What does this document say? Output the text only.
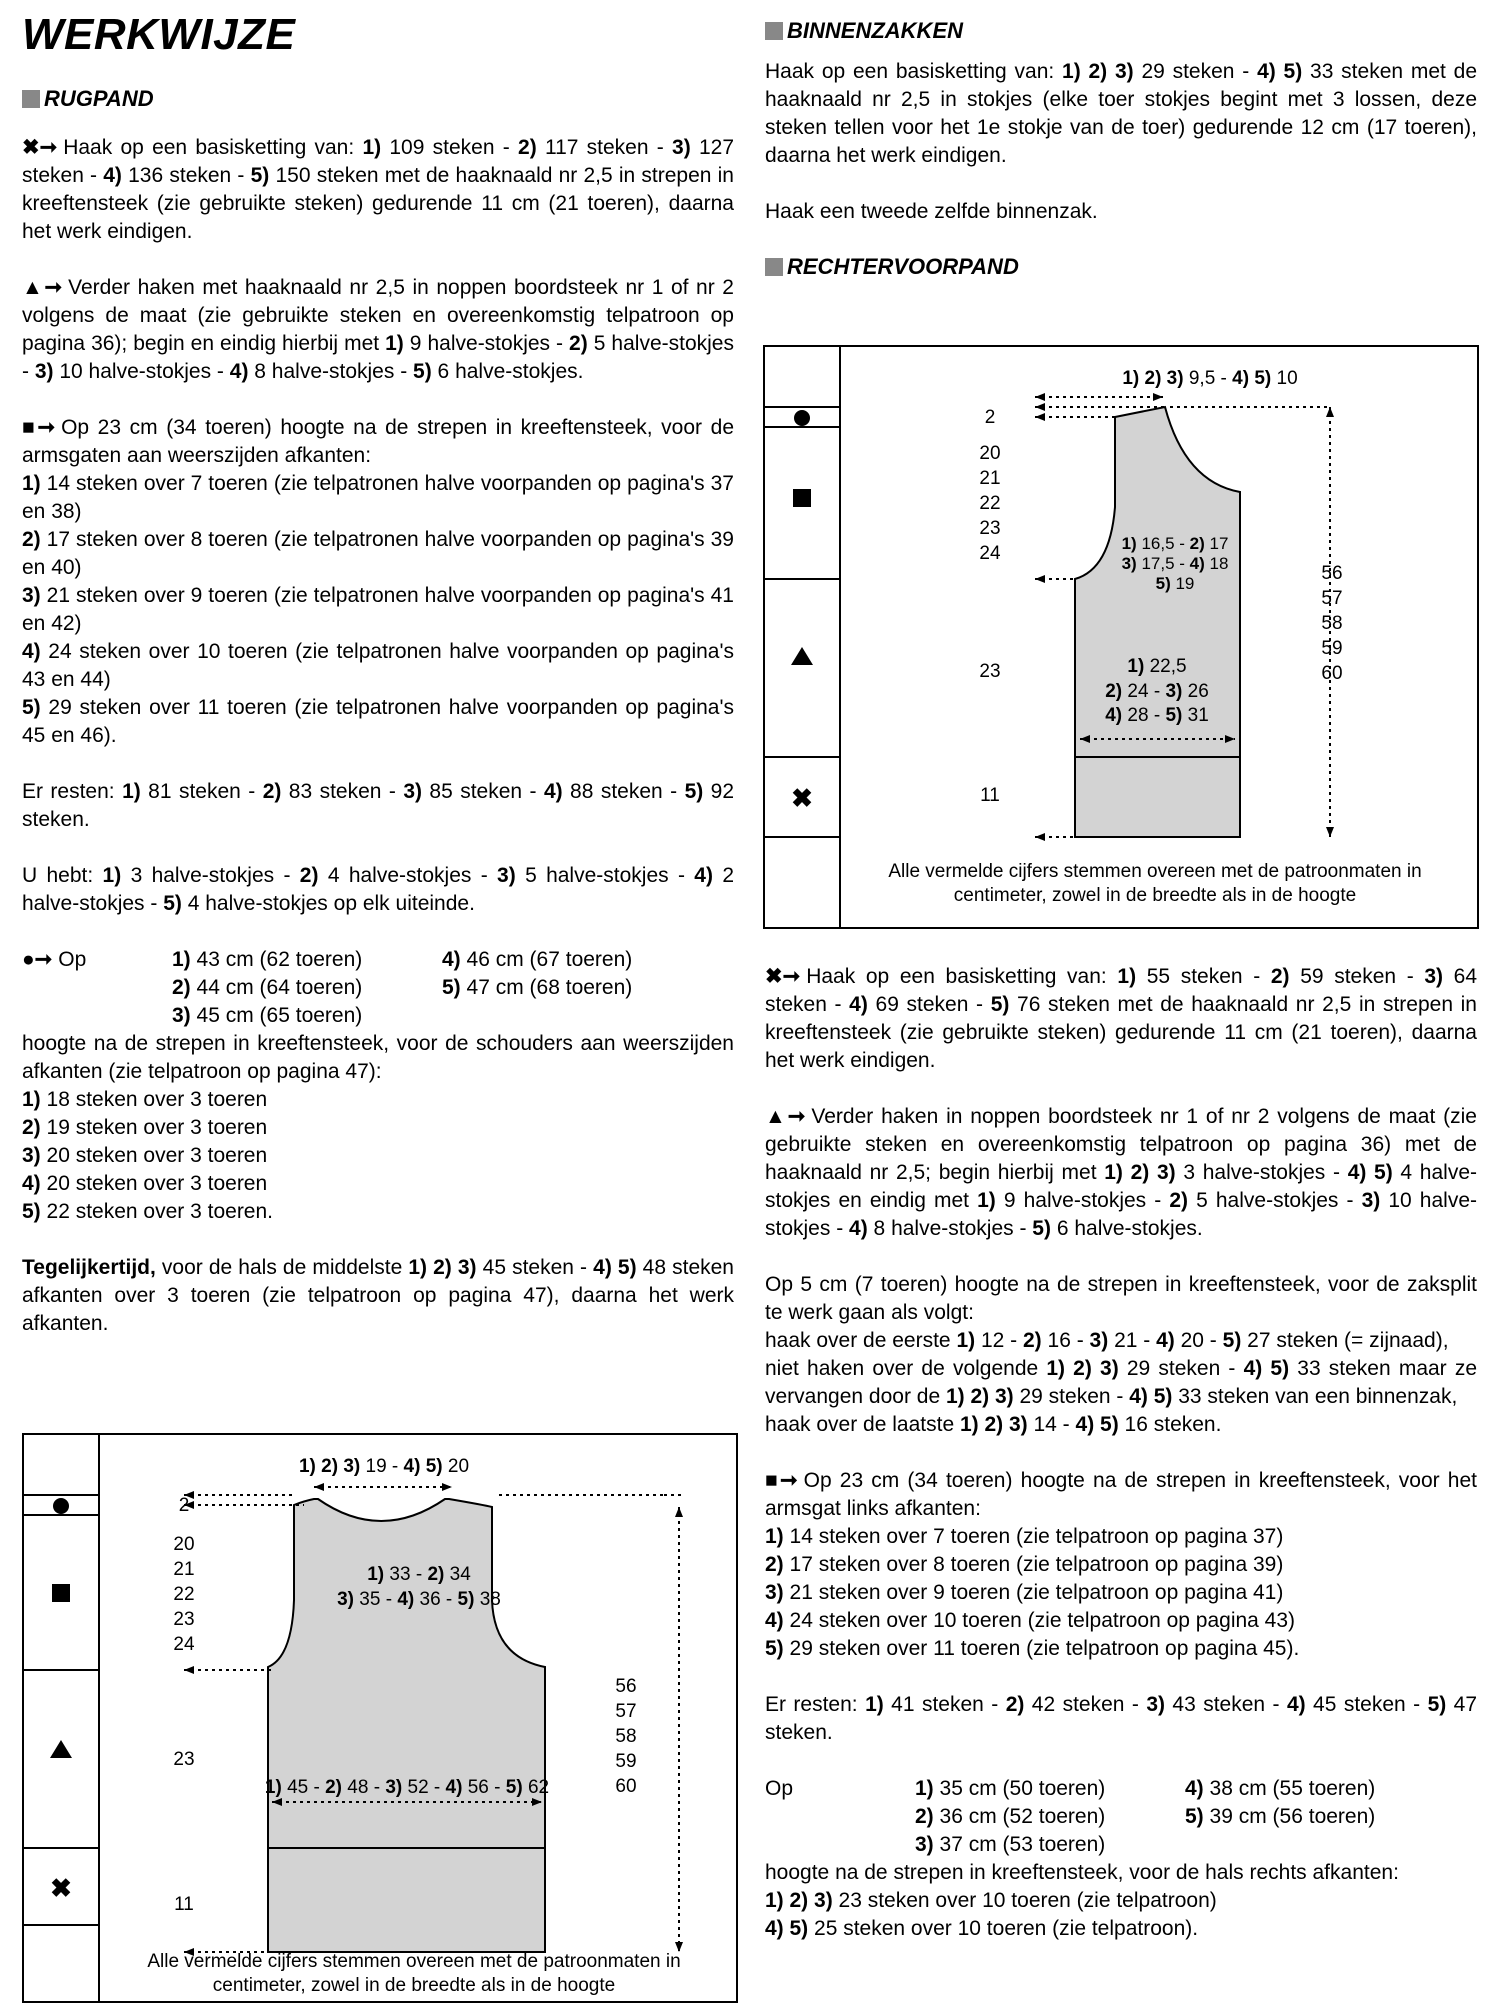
WERKWIJZE
RUGPAND

✖➞ Haak op een basisketting van: 1) 109 steken - 2) 117 steken - 3) 127 steken - 4) 136 steken - 5) 150 steken met de haaknaald nr 2,5 in strepen in kreeftensteek (zie gebruikte steken) gedurende 11 cm (21 toeren), daarna het werk eindigen.

▲➞ Verder haken met haaknaald nr 2,5 in noppen boordsteek nr 1 of nr 2 volgens de maat (zie gebruikte steken en overeenkomstig telpatroon op pagina 36); begin en eindig hierbij met 1) 9 halve-stokjes - 2) 5 halve-stokjes - 3) 10 halve-stokjes - 4) 8 halve-stokjes - 5) 6 halve-stokjes.

■➞ Op 23 cm (34 toeren) hoogte na de strepen in kreeftensteek, voor de armsgaten aan weerszijden afkanten:

1) 14 steken over 7 toeren (zie telpatronen halve voorpanden op pagina's 37 en 38)
2) 17 steken over 8 toeren (zie telpatronen halve voorpanden op pagina's 39 en 40)
3) 21 steken over 9 toeren (zie telpatronen halve voorpanden op pagina's 41 en 42)
4) 24 steken over 10 toeren (zie telpatronen halve voorpanden op pagina's 43 en 44)
5) 29 steken over 11 toeren (zie telpatronen halve voorpanden op pagina's 45 en 46).

Er resten: 1) 81 steken - 2) 83 steken - 3) 85 steken - 4) 88 steken - 5) 92 steken.

U hebt: 1) 3 halve-stokjes - 2) 4 halve-stokjes - 3) 5 halve-stokjes - 4) 2 halve-stokjes - 5) 4 halve-stokjes op elk uiteinde.

●➞ Op	1) 43 cm (62 toeren)	4) 46 cm (67 toeren)
2) 44 cm (64 toeren)	5) 47 cm (68 toeren)
3) 45 cm (65 toeren)

hoogte na de strepen in kreeftensteek, voor de schouders aan weerszijden afkanten (zie telpatroon op pagina 47):

1) 18 steken over 3 toeren
2) 19 steken over 3 toeren
3) 20 steken over 3 toeren
4) 20 steken over 3 toeren
5) 22 steken over 3 toeren.

Tegelijkertijd, voor de hals de middelste 1) 2) 3) 45 steken - 4) 5) 48 steken afkanten over 3 toeren (zie telpatroon op pagina 47), daarna het werk afkanten.

✖
1) 2) 3) 19 - 4) 5) 20
2
20
21
22
23
24
23
11
56
57
58
59
60
1) 33 - 2) 34
3) 35 - 4) 36 - 5) 38
1) 45 - 2) 48 - 3) 52 - 4) 56 - 5) 62
Alle vermelde cijfers stemmen overeen met de patroonmaten in
centimeter, zowel in de breedte als in de hoogte
BINNENZAKKEN

Haak op een basisketting van: 1) 2) 3) 29 steken - 4) 5) 33 steken met de haaknaald nr 2,5 in stokjes (elke toer stokjes begint met 3 lossen, deze steken tellen voor het 1e stokje van de toer) gedurende 12 cm (17 toeren), daarna het werk eindigen.

Haak een tweede zelfde binnenzak.

RECHTERVOORPAND
✖
1) 2) 3) 9,5 - 4) 5) 10
2
20
21
22
23
24
23
11
56
57
58
59
60
1) 16,5 - 2) 17
3) 17,5 - 4) 18
5) 19
1) 22,5
2) 24 - 3) 26
4) 28 - 5) 31
Alle vermelde cijfers stemmen overeen met de patroonmaten in
centimeter, zowel in de breedte als in de hoogte

✖➞ Haak op een basisketting van: 1) 55 steken - 2) 59 steken - 3) 64 steken - 4) 69 steken - 5) 76 steken met de haaknaald nr 2,5 in strepen in kreeftensteek (zie gebruikte steken) gedurende 11 cm (21 toeren), daarna het werk eindigen.

▲➞ Verder haken in noppen boordsteek nr 1 of nr 2 volgens de maat (zie gebruikte steken en overeenkomstig telpatroon op pagina 36) met de haaknaald nr 2,5; begin hierbij met 1) 2) 3) 3 halve-stokjes - 4) 5) 4 halve-stokjes en eindig met 1) 9 halve-stokjes - 2) 5 halve-stokjes - 3) 10 halve-stokjes - 4) 8 halve-stokjes - 5) 6 halve-stokjes.

Op 5 cm (7 toeren) hoogte na de strepen in kreeftensteek, voor de zaksplit te werk gaan als volgt:

haak over de eerste 1) 12 - 2) 16 - 3) 21 - 4) 20 - 5) 27 steken (= zijnaad),

niet haken over de volgende 1) 2) 3) 29 steken - 4) 5) 33 steken maar ze vervangen door de 1) 2) 3) 29 steken - 4) 5) 33 steken van een binnenzak,

haak over de laatste 1) 2) 3) 14 - 4) 5) 16 steken.

■➞ Op 23 cm (34 toeren) hoogte na de strepen in kreeftensteek, voor het armsgat links afkanten:

1) 14 steken over 7 toeren (zie telpatroon op pagina 37)
2) 17 steken over 8 toeren (zie telpatroon op pagina 39)
3) 21 steken over 9 toeren (zie telpatroon op pagina 41)
4) 24 steken over 10 toeren (zie telpatroon op pagina 43)
5) 29 steken over 11 toeren (zie telpatroon op pagina 45).

Er resten: 1) 41 steken - 2) 42 steken - 3) 43 steken - 4) 45 steken - 5) 47 steken.

Op	1) 35 cm (50 toeren)	4) 38 cm (55 toeren)
2) 36 cm (52 toeren)	5) 39 cm (56 toeren)
3) 37 cm (53 toeren)

hoogte na de strepen in kreeftensteek, voor de hals rechts afkanten:

1) 2) 3) 23 steken over 10 toeren (zie telpatroon)
4) 5) 25 steken over 10 toeren (zie telpatroon).
